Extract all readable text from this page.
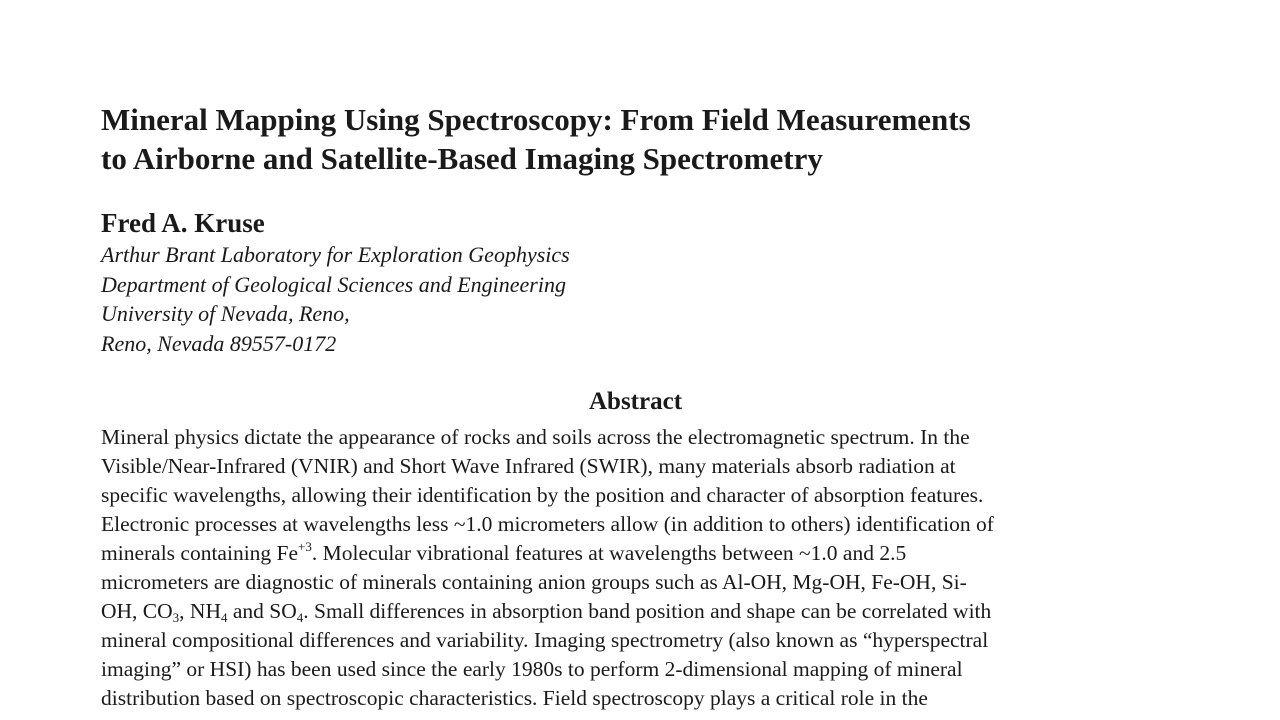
Mineral Mapping Using Spectroscopy: From Field Measurements
to Airborne and Satellite-Based Imaging Spectrometry
Fred A. Kruse
Arthur Brant Laboratory for Exploration Geophysics
Department of Geological Sciences and Engineering
University of Nevada, Reno,
Reno, Nevada 89557-0172
Abstract
Mineral physics dictate the appearance of rocks and soils across the electromagnetic spectrum. In the
Visible/Near-Infrared (VNIR) and Short Wave Infrared (SWIR), many materials absorb radiation at
specific wavelengths, allowing their identification by the position and character of absorption features.
Electronic processes at wavelengths less ~1.0 micrometers allow (in addition to others) identification of
minerals containing $Fe^{+3}$. Molecular vibrational features at wavelengths between ~1.0 and 2.5
micrometers are diagnostic of minerals containing anion groups such as Al-OH, Mg-OH, Fe-OH, Si-
OH, $CO_3$, $NH_4$ and $SO_4$. Small differences in absorption band position and shape can be correlated with
mineral compositional differences and variability. Imaging spectrometry (also known as “hyperspectral
imaging” or HSI) has been used since the early 1980s to perform 2-dimensional mapping of mineral
distribution based on spectroscopic characteristics. Field spectroscopy plays a critical role in the
